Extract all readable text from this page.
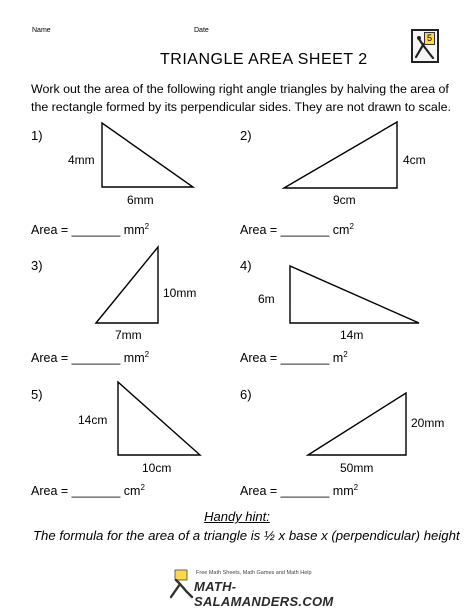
Name	Date
TRIANGLE AREA SHEET 2
5
Work out the area of the following right angle triangles by halving the area of the rectangle formed by its perpendicular sides. They are not drawn to scale.
1)
4mm
6mm
Area = _______ $mm^2$
2)
4cm
9cm
Area = _______ $cm^2$
3)
10mm
7mm
Area = _______ $mm^2$
4)
6m
14m
Area = _______ $m^2$
5)
14cm
10cm
Area = _______ $cm^2$
6)
20mm
50mm
Area = _______ $mm^2$
Handy hint:
The formula for the area of a triangle is ½ x base x (perpendicular) height
Free Math Sheets, Math Games and Math Help
MATH-SALAMANDERS.COM
